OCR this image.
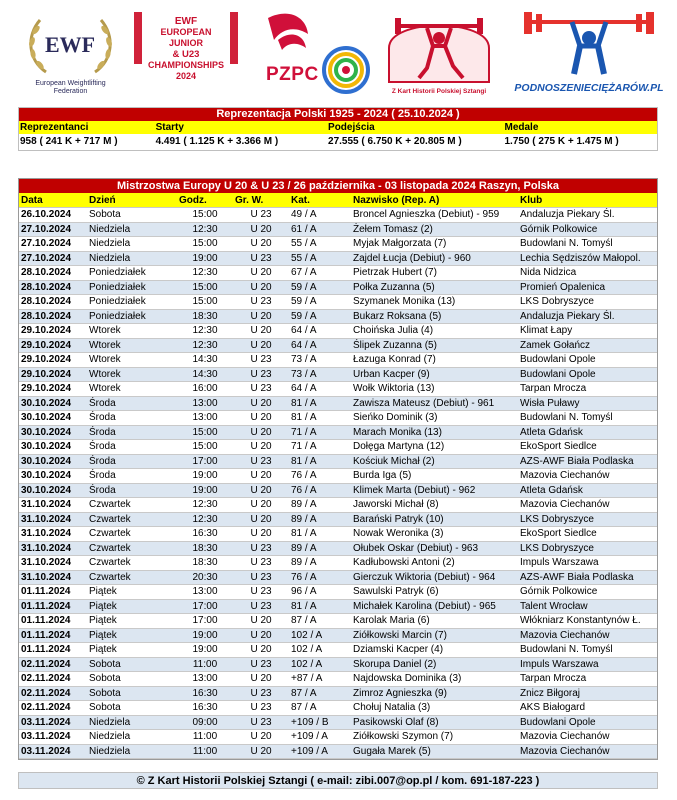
EWF
European Weightlifting Federation
EWF
EUROPEAN
JUNIOR
& U23
CHAMPIONSHIPS
2024	PZPC
Z Kart Historii Polskiej Sztangi	PODNOSZENIECIĘŻARÓW.PL
Reprezentacja Polski 1925 - 2024 ( 25.10.2024 )
Reprezentanci	Starty	Podejścia	Medale
958 ( 241 K + 717 M )	4.491 ( 1.125 K + 3.366 M )	27.555 ( 6.750 K + 20.805 M )	1.750 ( 275 K + 1.475 M )
Mistrzostwa Europy U 20 & U 23 / 26 października - 03 listopada 2024 Raszyn, Polska
Data	Dzień	Godz.	Gr. W.	Kat.	Nazwisko (Rep. A)	Klub
26.10.2024	Sobota	15:00	U 23	49 / A	Broncel Agnieszka (Debiut) - 959	Andaluzja Piekary Śl.
27.10.2024	Niedziela	12:30	U 20	61 / A	Żełem Tomasz (2)	Górnik Polkowice
27.10.2024	Niedziela	15:00	U 20	55 / A	Myjak Małgorzata (7)	Budowlani N. Tomyśl
27.10.2024	Niedziela	19:00	U 23	55 / A	Zajdel Łucja (Debiut) - 960	Lechia Sędziszów Małopol.
28.10.2024	Poniedziałek	12:30	U 20	67 / A	Pietrzak Hubert (7)	Nida Nidzica
28.10.2024	Poniedziałek	15:00	U 20	59 / A	Połka Zuzanna (5)	Promień Opalenica
28.10.2024	Poniedziałek	15:00	U 23	59 / A	Szymanek Monika (13)	LKS Dobryszyce
28.10.2024	Poniedziałek	18:30	U 20	59 / A	Bukarz Roksana (5)	Andaluzja Piekary Śl.
29.10.2024	Wtorek	12:30	U 20	64 / A	Choińska Julia (4)	Klimat Łapy
29.10.2024	Wtorek	12:30	U 20	64 / A	Ślipek Zuzanna (5)	Zamek Gołańcz
29.10.2024	Wtorek	14:30	U 23	73 / A	Łazuga Konrad (7)	Budowlani Opole
29.10.2024	Wtorek	14:30	U 23	73 / A	Urban Kacper (9)	Budowlani Opole
29.10.2024	Wtorek	16:00	U 23	64 / A	Wołk Wiktoria (13)	Tarpan Mrocza
30.10.2024	Środa	13:00	U 20	81 / A	Zawisza Mateusz (Debiut) - 961	Wisła Puławy
30.10.2024	Środa	13:00	U 20	81 / A	Sieńko Dominik (3)	Budowlani N. Tomyśl
30.10.2024	Środa	15:00	U 20	71 / A	Marach Monika (13)	Atleta Gdańsk
30.10.2024	Środa	15:00	U 20	71 / A	Dołęga Martyna (12)	EkoSport Siedlce
30.10.2024	Środa	17:00	U 23	81 / A	Kościuk Michał (2)	AZS-AWF Biała Podlaska
30.10.2024	Środa	19:00	U 20	76 / A	Burda Iga (5)	Mazovia Ciechanów
30.10.2024	Środa	19:00	U 20	76 / A	Klimek Marta (Debiut) - 962	Atleta Gdańsk
31.10.2024	Czwartek	12:30	U 20	89 / A	Jaworski Michał (8)	Mazovia Ciechanów
31.10.2024	Czwartek	12:30	U 20	89 / A	Barański Patryk (10)	LKS Dobryszyce
31.10.2024	Czwartek	16:30	U 20	81 / A	Nowak Weronika (3)	EkoSport Siedlce
31.10.2024	Czwartek	18:30	U 23	89 / A	Ołubek Oskar (Debiut) - 963	LKS Dobryszyce
31.10.2024	Czwartek	18:30	U 23	89 / A	Kadłubowski Antoni (2)	Impuls Warszawa
31.10.2024	Czwartek	20:30	U 23	76 / A	Gierczuk Wiktoria (Debiut) - 964	AZS-AWF Biała Podlaska
01.11.2024	Piątek	13:00	U 23	96 / A	Sawulski Patryk (6)	Górnik Polkowice
01.11.2024	Piątek	17:00	U 23	81 / A	Michałek Karolina (Debiut) - 965	Talent Wrocław
01.11.2024	Piątek	17:00	U 20	87 / A	Karolak Maria (6)	Włókniarz Konstantynów Ł.
01.11.2024	Piątek	19:00	U 20	102 / A	Ziółkowski Marcin (7)	Mazovia Ciechanów
01.11.2024	Piątek	19:00	U 20	102 / A	Dziamski Kacper (4)	Budowlani N. Tomyśl
02.11.2024	Sobota	11:00	U 23	102 / A	Skorupa Daniel (2)	Impuls Warszawa
02.11.2024	Sobota	13:00	U 20	+87 / A	Najdowska Dominika (3)	Tarpan Mrocza
02.11.2024	Sobota	16:30	U 23	87 / A	Zimroz Agnieszka (9)	Znicz Biłgoraj
02.11.2024	Sobota	16:30	U 23	87 / A	Chołuj Natalia (3)	AKS Białogard
03.11.2024	Niedziela	09:00	U 23	+109 / B	Pasikowski Olaf (8)	Budowlani Opole
03.11.2024	Niedziela	11:00	U 20	+109 / A	Ziółkowski Szymon (7)	Mazovia Ciechanów
03.11.2024	Niedziela	11:00	U 20	+109 / A	Gugała Marek (5)	Mazovia Ciechanów
© Z Kart Historii Polskiej Sztangi ( e-mail: zibi.007@op.pl / kom. 691-187-223 )
